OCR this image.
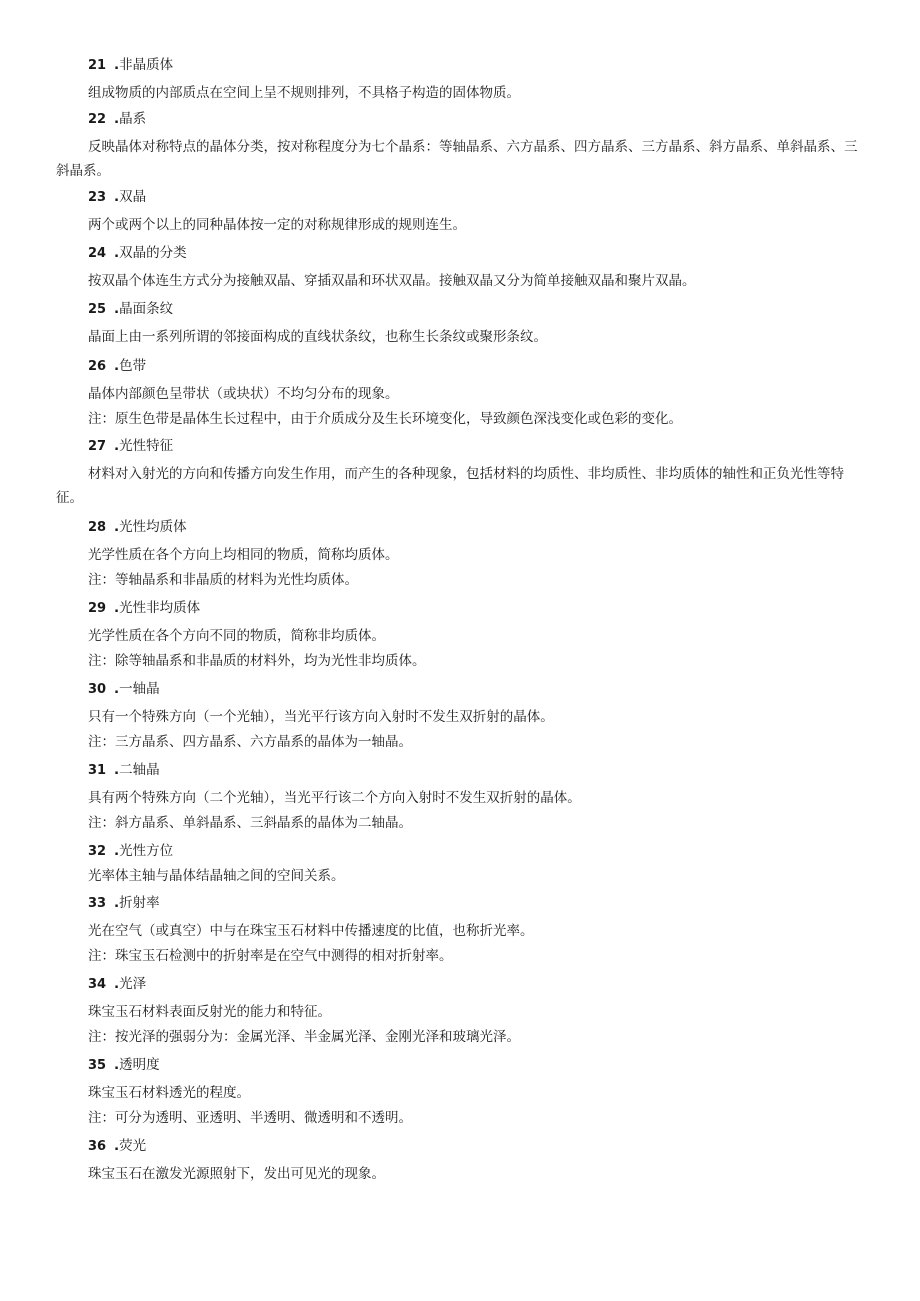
21 .非晶质体

组成物质的内部质点在空间上呈不规则排列，不具格子构造的固体物质。

22 .晶系

反映晶体对称特点的晶体分类，按对称程度分为七个晶系：等轴晶系、六方晶系、四方晶系、三方晶系、斜方晶系、单斜晶系、三斜晶系。

23 .双晶

两个或两个以上的同种晶体按一定的对称规律形成的规则连生。

24 .双晶的分类

按双晶个体连生方式分为接触双晶、穿插双晶和环状双晶。接触双晶又分为简单接触双晶和聚片双晶。

25 .晶面条纹

晶面上由一系列所谓的邻接面构成的直线状条纹，也称生长条纹或聚形条纹。

26 .色带

晶体内部颜色呈带状（或块状）不均匀分布的现象。

注：原生色带是晶体生长过程中，由于介质成分及生长环境变化，导致颜色深浅变化或色彩的变化。

27 .光性特征

材料对入射光的方向和传播方向发生作用，而产生的各种现象，包括材料的均质性、非均质性、非均质体的轴性和正负光性等特征。

28 .光性均质体

光学性质在各个方向上均相同的物质，简称均质体。

注：等轴晶系和非晶质的材料为光性均质体。

29 .光性非均质体

光学性质在各个方向不同的物质，简称非均质体。

注：除等轴晶系和非晶质的材料外，均为光性非均质体。

30 .一轴晶

只有一个特殊方向（一个光轴），当光平行该方向入射时不发生双折射的晶体。

注：三方晶系、四方晶系、六方晶系的晶体为一轴晶。

31 .二轴晶

具有两个特殊方向（二个光轴），当光平行该二个方向入射时不发生双折射的晶体。

注：斜方晶系、单斜晶系、三斜晶系的晶体为二轴晶。

32 .光性方位

光率体主轴与晶体结晶轴之间的空间关系。

33 .折射率

光在空气（或真空）中与在珠宝玉石材料中传播速度的比值，也称折光率。

注：珠宝玉石检测中的折射率是在空气中测得的相对折射率。

34 .光泽

珠宝玉石材料表面反射光的能力和特征。

注：按光泽的强弱分为：金属光泽、半金属光泽、金刚光泽和玻璃光泽。

35 .透明度

珠宝玉石材料透光的程度。

注：可分为透明、亚透明、半透明、微透明和不透明。

36 .荧光

珠宝玉石在激发光源照射下，发出可见光的现象。
